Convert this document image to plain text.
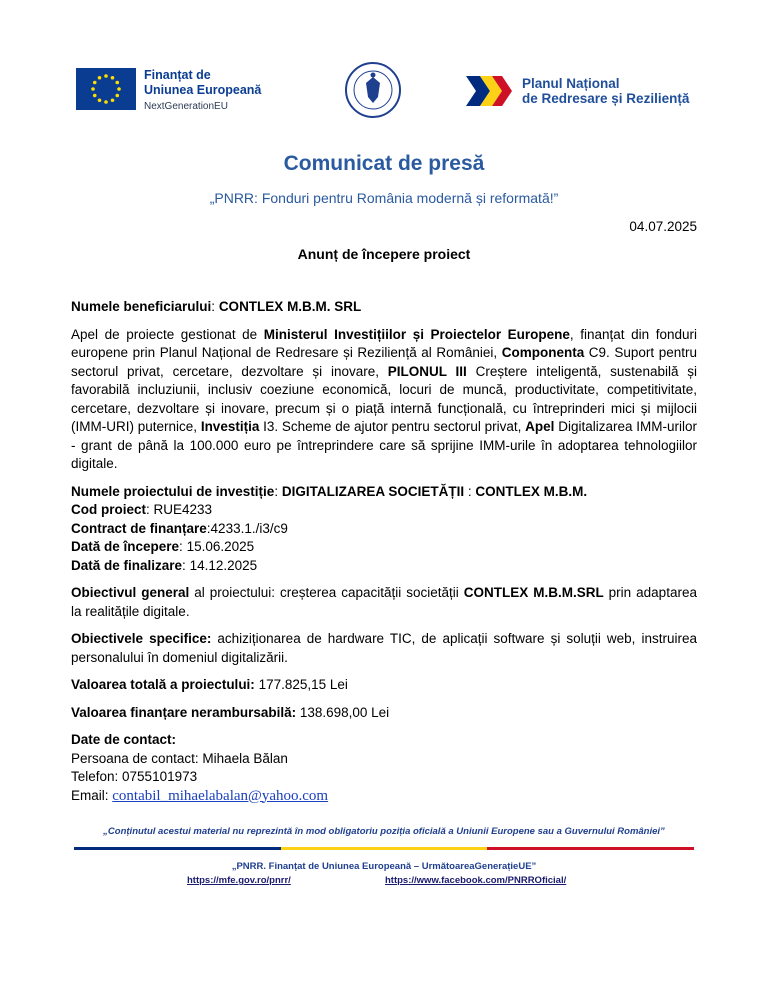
Finanțat de
Uniunea Europeană
NextGenerationEU
Planul Național
de Redresare și Reziliență
Comunicat de presă
„PNRR: Fonduri pentru România modernă și reformată!”
04.07.2025
Anunț de începere proiect

Numele beneficiarului: CONTLEX M.B.M. SRL

Apel de proiecte gestionat de Ministerul Investițiilor și Proiectelor Europene, finanțat din fonduri europene prin Planul Național de Redresare și Reziliență al României, Componenta C9. Suport pentru sectorul privat, cercetare, dezvoltare și inovare, PILONUL III Creștere inteligentă, sustenabilă și favorabilă incluziunii, inclusiv coeziune economică, locuri de muncă, productivitate, competitivitate, cercetare, dezvoltare și inovare, precum și o piață internă funcțională, cu întreprinderi mici și mijlocii (IMM-URI) puternice, Investiția I3. Scheme de ajutor pentru sectorul privat, Apel Digitalizarea IMM-urilor - grant de până la 100.000 euro pe întreprindere care să sprijine IMM-urile în adoptarea tehnologiilor digitale.

Numele proiectului de investiție: DIGITALIZAREA SOCIETĂȚII : CONTLEX M.B.M.
Cod proiect: RUE4233
Contract de finanțare:4233.1./i3/c9
Dată de începere: 15.06.2025
Dată de finalizare: 14.12.2025

Obiectivul general al proiectului: creșterea capacității societății CONTLEX M.B.M.SRL prin adaptarea la realitățile digitale.

Obiectivele specifice: achiziționarea de hardware TIC, de aplicații software și soluții web, instruirea personalului în domeniul digitalizării.

Valoarea totală a proiectului: 177.825,15 Lei

Valoarea finanțare nerambursabilă: 138.698,00 Lei

Date de contact:
Persoana de contact: Mihaela Bălan
Telefon: 0755101973
Email: contabil_mihaelabalan@yahoo.com
„Conținutul acestui material nu reprezintă în mod obligatoriu poziția oficială a Uniunii Europene sau a Guvernului României”
„PNRR. Finanțat de Uniunea Europeană – UrmătoareaGenerațieUE”
https://mfe.gov.ro/pnrr/	https://www.facebook.com/PNRROficial/
